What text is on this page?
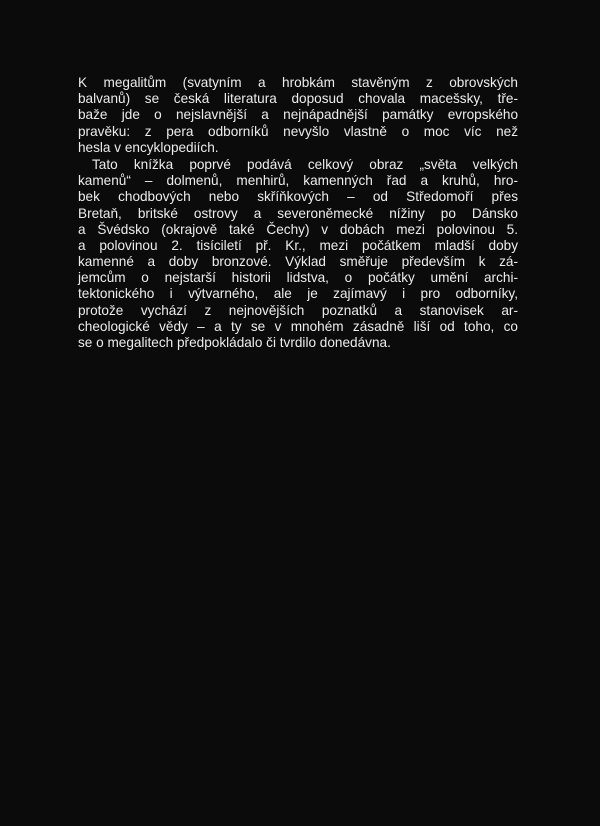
K megalitům (svatyním a hrobkám stavěným z obrovských
balvanů) se česká literatura doposud chovala macešsky, tře-
baže jde o nejslavnější a nejnápadnější památky evropského
pravěku: z pera odborníků nevyšlo vlastně o moc víc než
hesla v encyklopediích.
Tato knížka poprvé podává celkový obraz „světa velkých
kamenů“ – dolmenů, menhirů, kamenných řad a kruhů, hro-
bek chodbových nebo skříňkových – od Středomoří přes
Bretaň, britské ostrovy a severoněmecké nížiny po Dánsko
a Švédsko (okrajově také Čechy) v dobách mezi polovinou 5.
a polovinou 2. tisíciletí př. Kr., mezi počátkem mladší doby
kamenné a doby bronzové. Výklad směřuje především k zá-
jemcům o nejstarší historii lidstva, o počátky umění archi-
tektonického i výtvarného, ale je zajímavý i pro odborníky,
protože vychází z nejnovějších poznatků a stanovisek ar-
cheologické vědy – a ty se v mnohém zásadně liší od toho, co
se o megalitech předpokládalo či tvrdilo donedávna.
